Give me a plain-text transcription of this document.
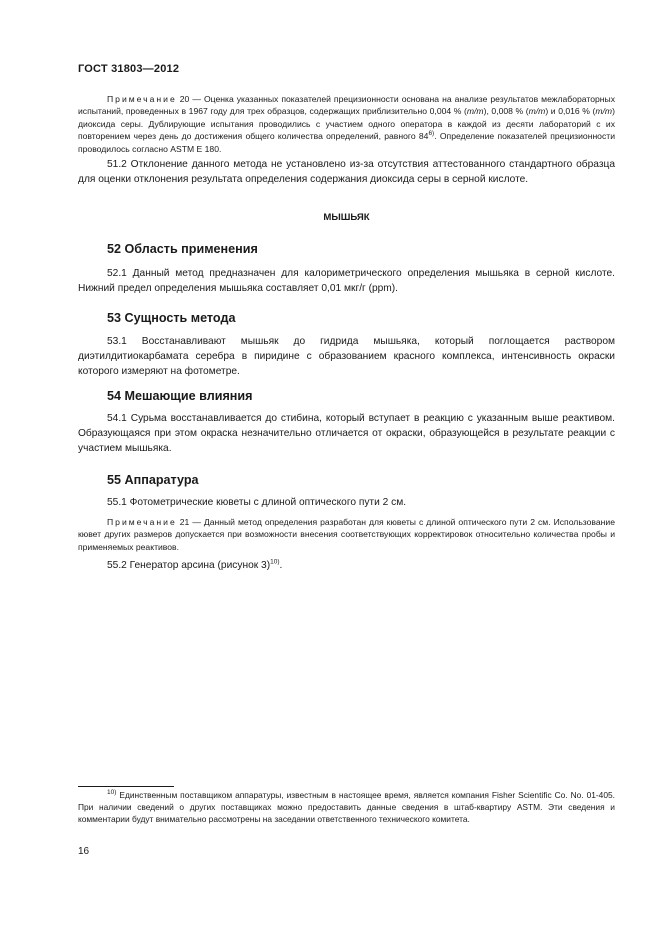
ГОСТ 31803—2012
Примечание 20 — Оценка указанных показателей прецизионности основана на анализе результатов межлабораторных испытаний, проведенных в 1967 году для трех образцов, содержащих приблизительно 0,004 % (m/m), 0,008 % (m/m) и 0,016 % (m/m) диоксида серы. Дублирующие испытания проводились с участием одного оператора в каждой из десяти лабораторий с их повторением через день до достижения общего количества определений, равного 84$^{6)}$. Определение показателей прецизионности проводилось согласно ASTM E 180.
51.2 Отклонение данного метода не установлено из-за отсутствия аттестованного стандартного образца для оценки отклонения результата определения содержания диоксида серы в серной кислоте.
МЫШЬЯК
52 Область применения
52.1 Данный метод предназначен для калориметрического определения мышьяка в серной кислоте. Нижний предел определения мышьяка составляет 0,01 мкг/г (ppm).
53 Сущность метода
53.1 Восстанавливают мышьяк до гидрида мышьяка, который поглощается раствором диэтилдитиокарбамата серебра в пиридине с образованием красного комплекса, интенсивность окраски которого измеряют на фотометре.
54 Мешающие влияния
54.1 Сурьма восстанавливается до стибина, который вступает в реакцию с указанным выше реактивом. Образующаяся при этом окраска незначительно отличается от окраски, образующейся в результате реакции с участием мышьяка.
55 Аппаратура
55.1 Фотометрические кюветы с длиной оптического пути 2 см.
Примечание 21 — Данный метод определения разработан для кюветы с длиной оптического пути 2 см. Использование кювет других размеров допускается при возможности внесения соответствующих корректировок относительно количества пробы и применяемых реактивов.
55.2 Генератор арсина (рисунок 3)$^{10)}$.
$^{10)}$ Единственным поставщиком аппаратуры, известным в настоящее время, является компания Fisher Scientific Co. No. 01-405. При наличии сведений о других поставщиках можно предоставить данные сведения в штаб-квартиру ASTM. Эти сведения и комментарии будут внимательно рассмотрены на заседании ответственного технического комитета.
16
